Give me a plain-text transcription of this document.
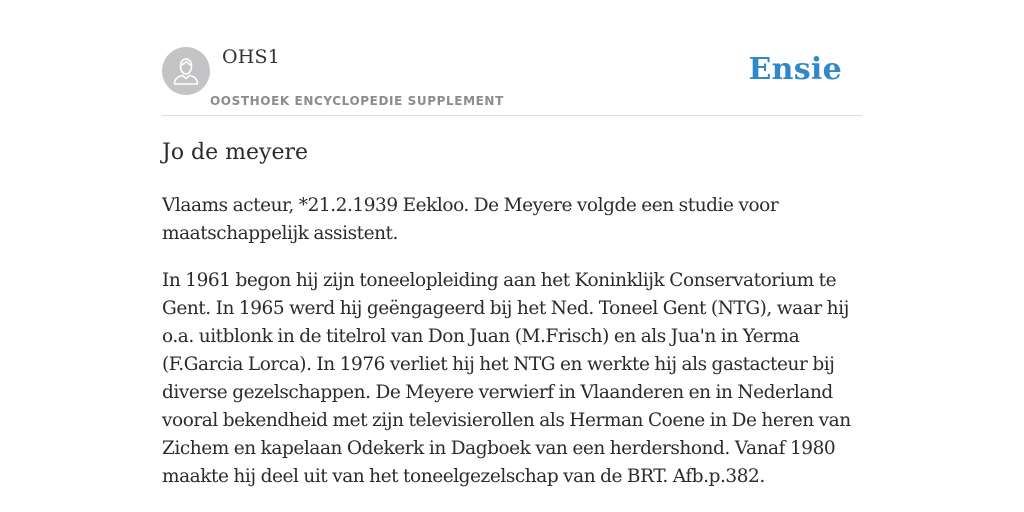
OHS1
OOSTHOEK ENCYCLOPEDIE SUPPLEMENT
Ensie
Jo de meyere

Vlaams acteur, *21.2.1939 Eekloo. De Meyere volgde een studie voor maatschappelijk assistent.

In 1961 begon hij zijn toneelopleiding aan het Koninklijk Conservatorium te Gent. In 1965 werd hij geëngageerd bij het Ned. Toneel Gent (NTG), waar hij o.a. uitblonk in de titelrol van Don Juan (M.Frisch) en als Jua'n in Yerma (F.Garcia Lorca). In 1976 verliet hij het NTG en werkte hij als gastacteur bij diverse gezelschappen. De Meyere verwierf in Vlaanderen en in Nederland vooral bekendheid met zijn televisierollen als Herman Coene in De heren van Zichem en kapelaan Odekerk in Dagboek van een herdershond. Vanaf 1980 maakte hij deel uit van het toneelgezelschap van de BRT. Afb.p.382.
